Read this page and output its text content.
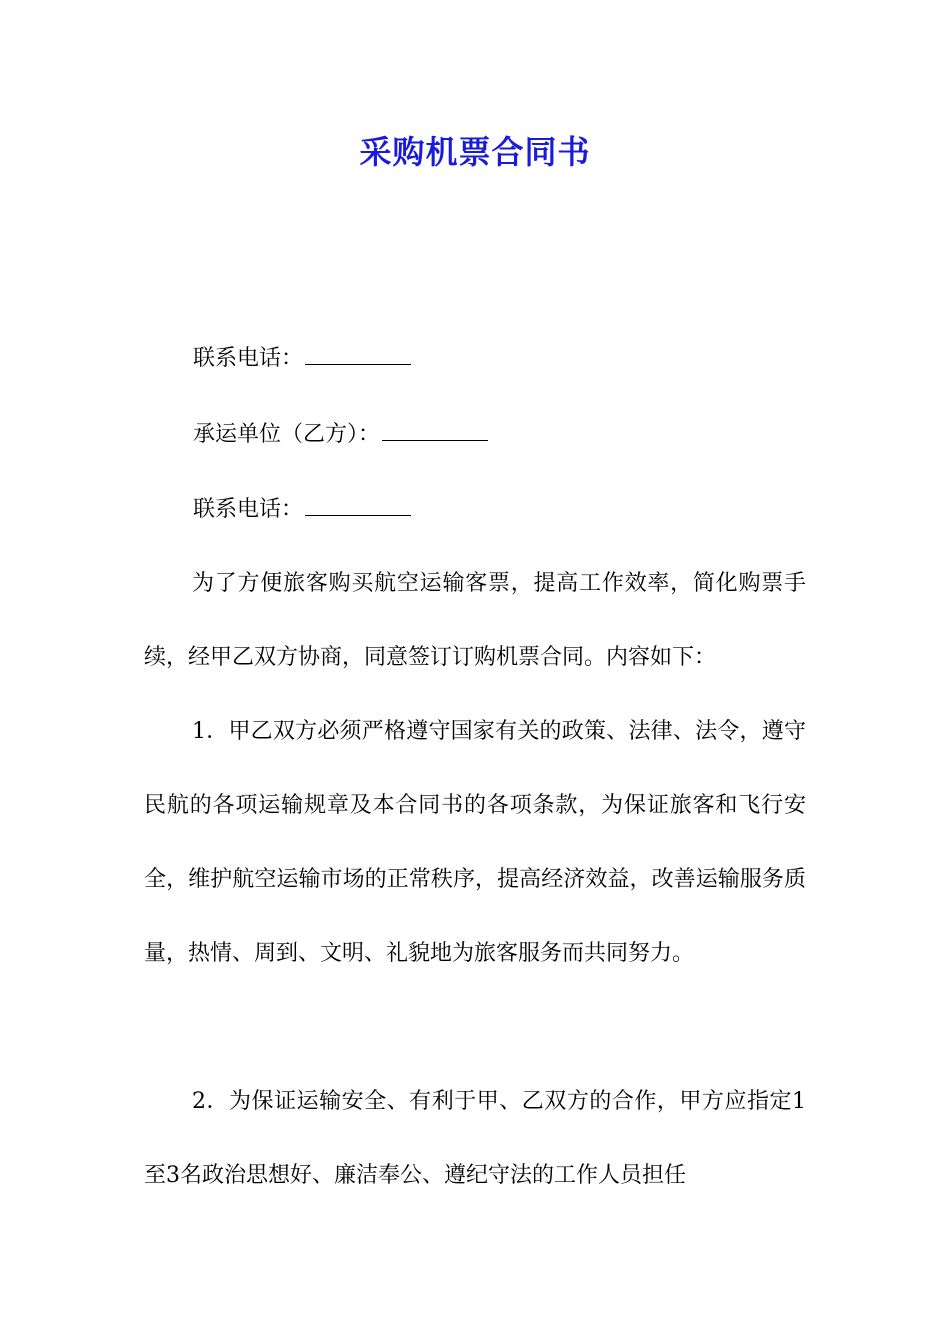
采购机票合同书
联系电话：
承运单位（乙方）：
联系电话：

为了方便旅客购买航空运输客票，提高工作效率，简化购票手续，经甲乙双方协商，同意签订订购机票合同。内容如下：

1．甲乙双方必须严格遵守国家有关的政策、法律、法令，遵守民航的各项运输规章及本合同书的各项条款，为保证旅客和飞行安全，维护航空运输市场的正常秩序，提高经济效益，改善运输服务质量，热情、周到、文明、礼貌地为旅客服务而共同努力。

2．为保证运输安全、有利于甲、乙双方的合作，甲方应指定1至3名政治思想好、廉洁奉公、遵纪守法的工作人员担任
